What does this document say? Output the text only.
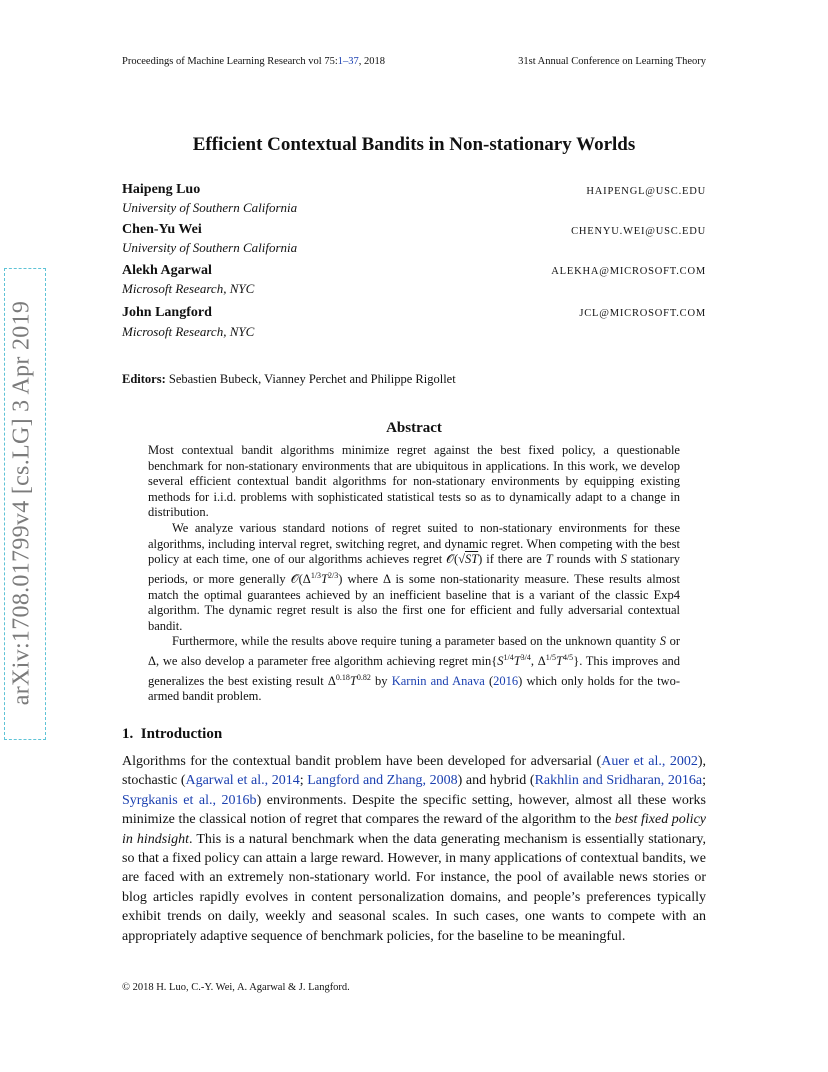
Proceedings of Machine Learning Research vol 75:1–37, 2018	31st Annual Conference on Learning Theory
arXiv:1708.01799v4 [cs.LG] 3 Apr 2019
Efficient Contextual Bandits in Non-stationary Worlds
Haipeng Luo	HAIPENGL@USC.EDU
University of Southern California
Chen-Yu Wei	CHENYU.WEI@USC.EDU
University of Southern California
Alekh Agarwal	ALEKHA@MICROSOFT.COM
Microsoft Research, NYC
John Langford	JCL@MICROSOFT.COM
Microsoft Research, NYC
Editors: Sebastien Bubeck, Vianney Perchet and Philippe Rigollet
Abstract

Most contextual bandit algorithms minimize regret against the best fixed policy, a questionable benchmark for non-stationary environments that are ubiquitous in applications. In this work, we develop several efficient contextual bandit algorithms for non-stationary environments by equipping existing methods for i.i.d. problems with sophisticated statistical tests so as to dynamically adapt to a change in distribution.

We analyze various standard notions of regret suited to non-stationary environments for these algorithms, including interval regret, switching regret, and dynamic regret. When competing with the best policy at each time, one of our algorithms achieves regret 𝒪(√ST) if there are T rounds with S stationary periods, or more generally $𝒪(\Delta^{1/3}T^{2/3})$ where Δ is some non-stationarity measure. These results almost match the optimal guarantees achieved by an inefficient baseline that is a variant of the classic Exp4 algorithm. The dynamic regret result is also the first one for efficient and fully adversarial contextual bandit.

Furthermore, while the results above require tuning a parameter based on the unknown quantity S or Δ, we also develop a parameter free algorithm achieving regret $\min\{S^{1/4}T^{3/4}$, $\Delta^{1/5}T^{4/5}$}. This improves and generalizes the best existing result $\Delta^{0.18}T^{0.82}$ by Karnin and Anava (2016) which only holds for the two-armed bandit problem.

1. Introduction

Algorithms for the contextual bandit problem have been developed for adversarial (Auer et al., 2002), stochastic (Agarwal et al., 2014; Langford and Zhang, 2008) and hybrid (Rakhlin and Sridharan, 2016a; Syrgkanis et al., 2016b) environments. Despite the specific setting, however, almost all these works minimize the classical notion of regret that compares the reward of the algorithm to the best fixed policy in hindsight. This is a natural benchmark when the data generating mechanism is essentially stationary, so that a fixed policy can attain a large reward. However, in many applications of contextual bandits, we are faced with an extremely non-stationary world. For instance, the pool of available news stories or blog articles rapidly evolves in content personalization domains, and people’s preferences typically exhibit trends on daily, weekly and seasonal scales. In such cases, one wants to compete with an appropriately adaptive sequence of benchmark policies, for the baseline to be meaningful.

© 2018 H. Luo, C.-Y. Wei, A. Agarwal & J. Langford.
